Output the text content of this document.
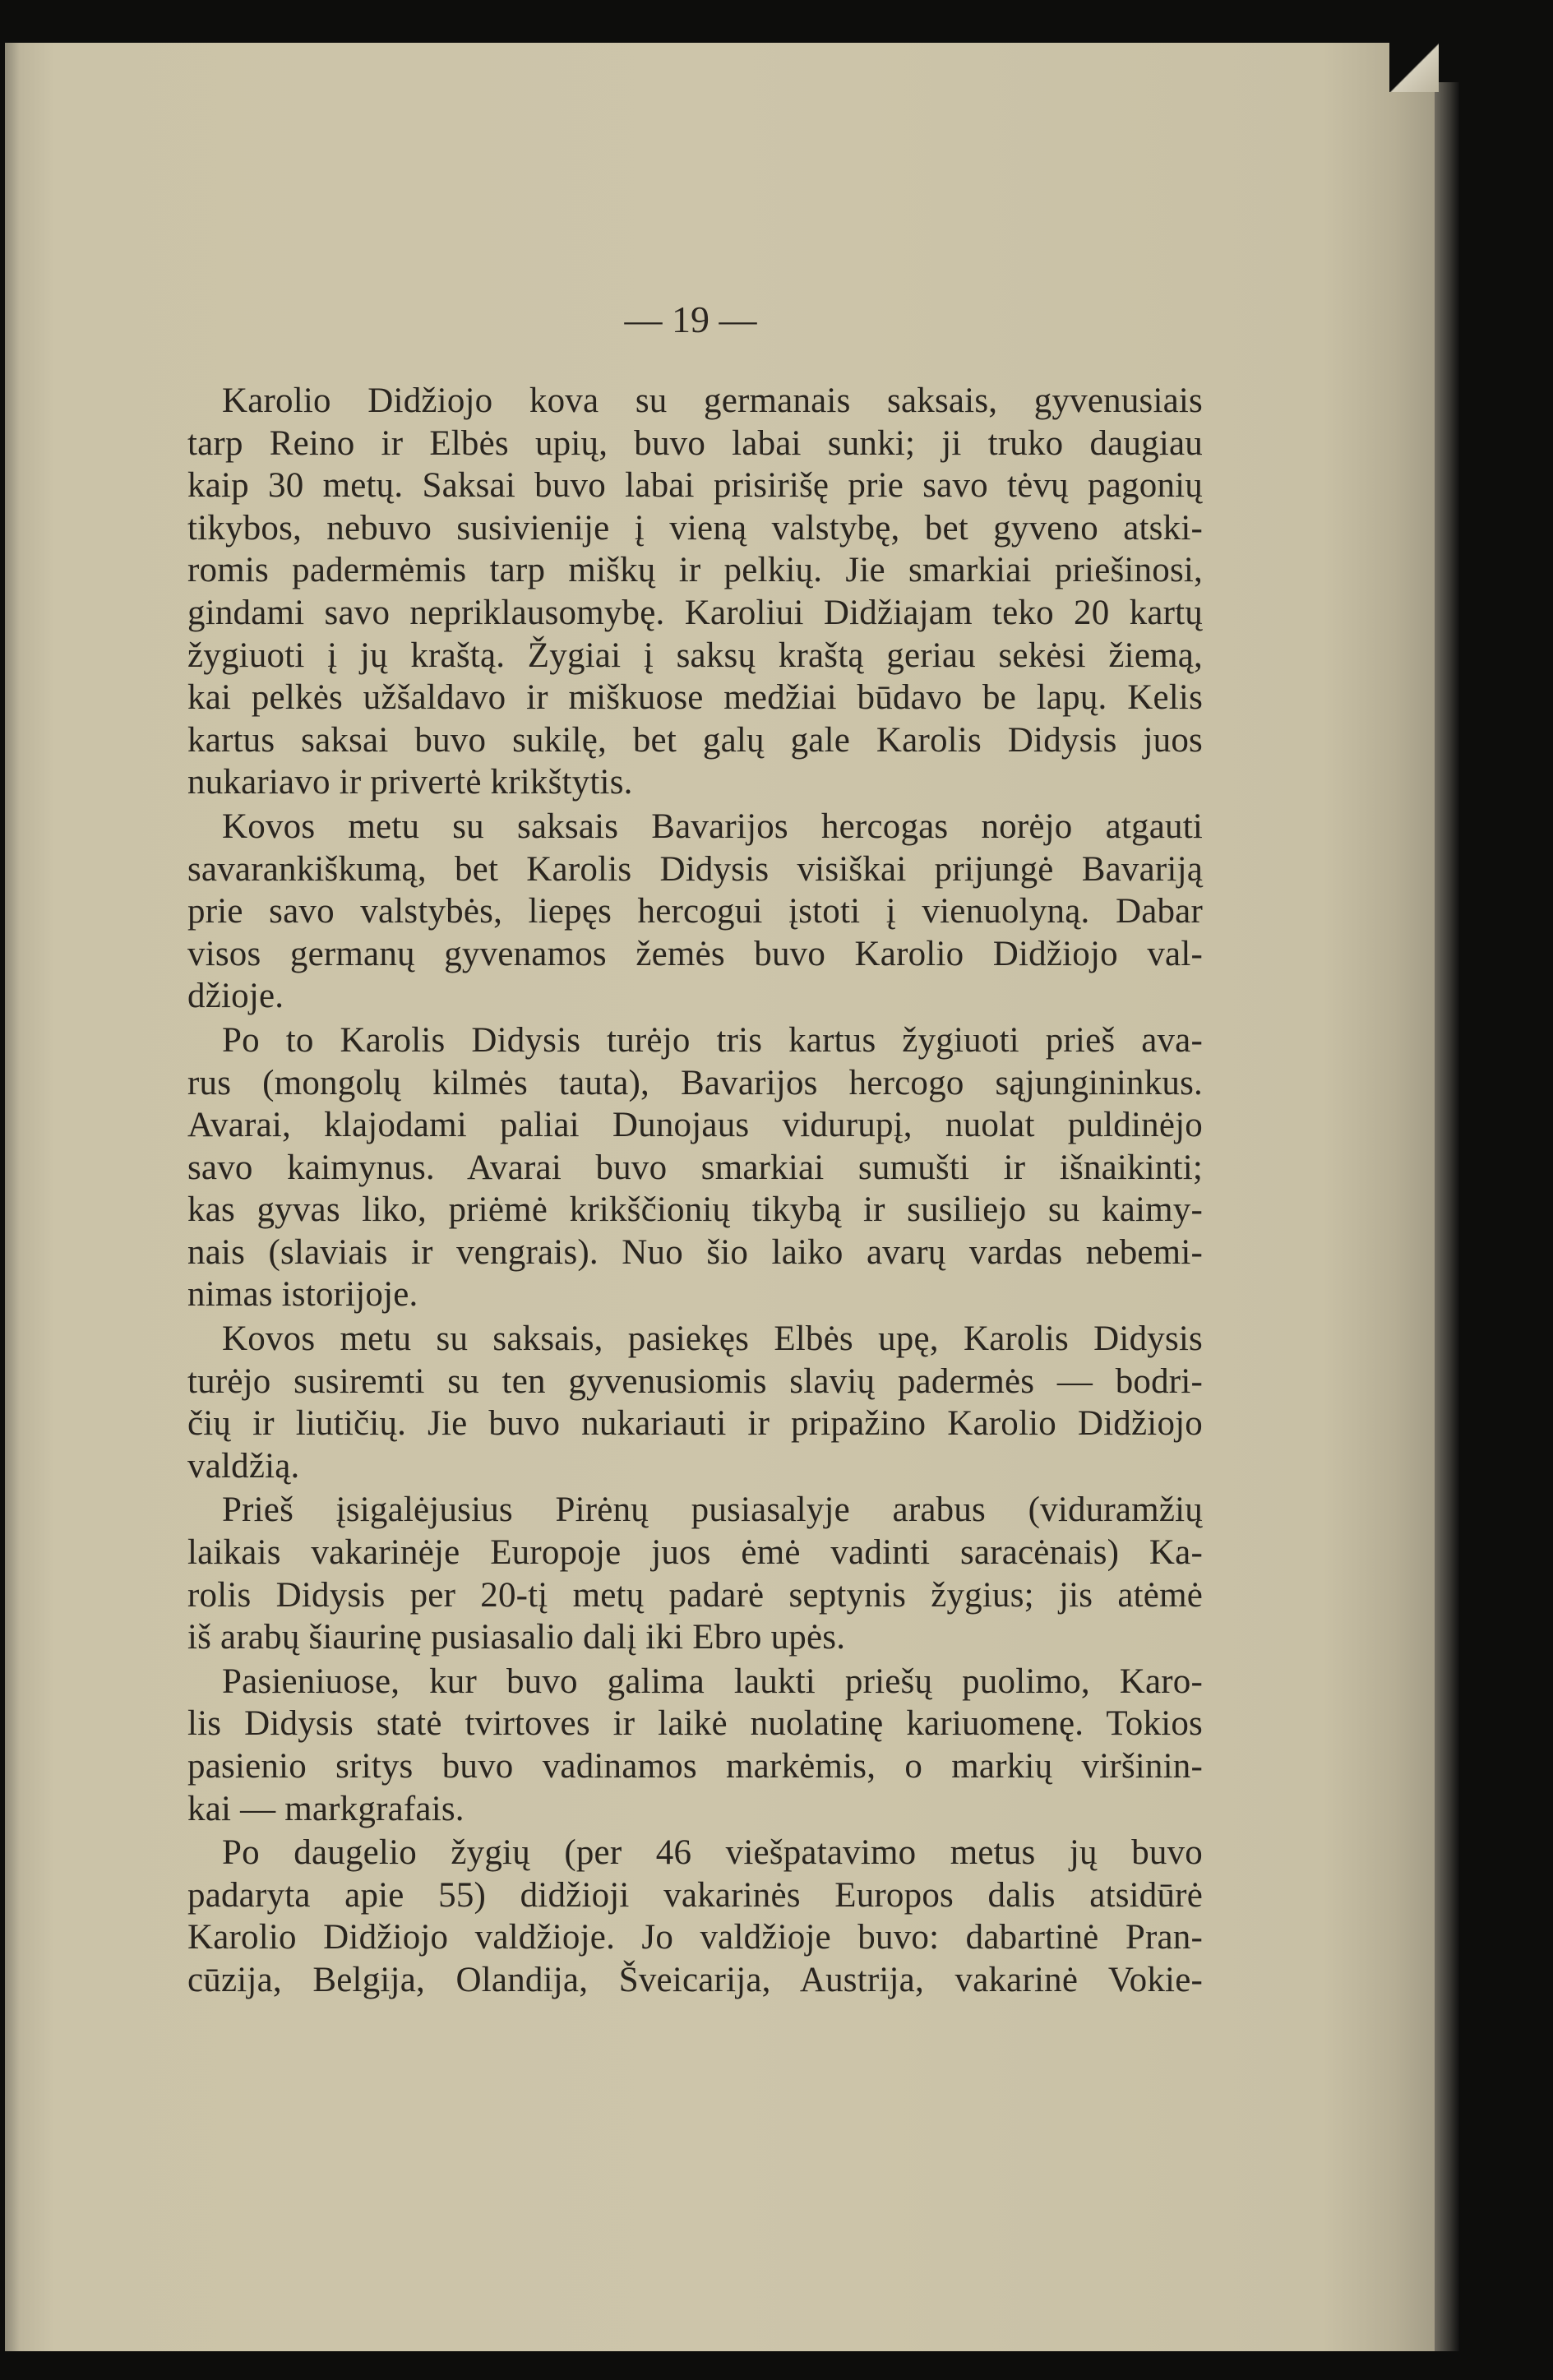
— 19 —
Karolio Didžiojo kova su germanais saksais, gyvenusiais
tarp Reino ir Elbės upių, buvo labai sunki; ji truko daugiau
kaip 30 metų. Saksai buvo labai prisirišę prie savo tėvų pagonių
tikybos, nebuvo susivienije į vieną valstybę, bet gyveno atski-
romis padermėmis tarp miškų ir pelkių. Jie smarkiai priešinosi,
gindami savo nepriklausomybę. Karoliui Didžiajam teko 20 kartų
žygiuoti į jų kraštą. Žygiai į saksų kraštą geriau sekėsi žiemą,
kai pelkės užšaldavo ir miškuose medžiai būdavo be lapų. Kelis
kartus saksai buvo sukilę, bet galų gale Karolis Didysis juos
nukariavo ir privertė krikštytis.
Kovos metu su saksais Bavarijos hercogas norėjo atgauti
savarankiškumą, bet Karolis Didysis visiškai prijungė Bavariją
prie savo valstybės, liepęs hercogui įstoti į vienuolyną. Dabar
visos germanų gyvenamos žemės buvo Karolio Didžiojo val-
džioje.
Po to Karolis Didysis turėjo tris kartus žygiuoti prieš ava-
rus (mongolų kilmės tauta), Bavarijos hercogo sąjungininkus.
Avarai, klajodami paliai Dunojaus vidurupį, nuolat puldinėjo
savo kaimynus. Avarai buvo smarkiai sumušti ir išnaikinti;
kas gyvas liko, priėmė krikščionių tikybą ir susiliejo su kaimy-
nais (slaviais ir vengrais). Nuo šio laiko avarų vardas nebemi-
nimas istorijoje.
Kovos metu su saksais, pasiekęs Elbės upę, Karolis Didysis
turėjo susiremti su ten gyvenusiomis slavių padermės — bodri-
čių ir liutičių. Jie buvo nukariauti ir pripažino Karolio Didžiojo
valdžią.
Prieš įsigalėjusius Pirėnų pusiasalyje arabus (viduramžių
laikais vakarinėje Europoje juos ėmė vadinti saracėnais) Ka-
rolis Didysis per 20-tį metų padarė septynis žygius; jis atėmė
iš arabų šiaurinę pusiasalio dalį iki Ebro upės.
Pasieniuose, kur buvo galima laukti priešų puolimo, Karo-
lis Didysis statė tvirtoves ir laikė nuolatinę kariuomenę. Tokios
pasienio sritys buvo vadinamos markėmis, o markių viršinin-
kai — markgrafais.
Po daugelio žygių (per 46 viešpatavimo metus jų buvo
padaryta apie 55) didžioji vakarinės Europos dalis atsidūrė
Karolio Didžiojo valdžioje. Jo valdžioje buvo: dabartinė Pran-
cūzija, Belgija, Olandija, Šveicarija, Austrija, vakarinė Vokie-
